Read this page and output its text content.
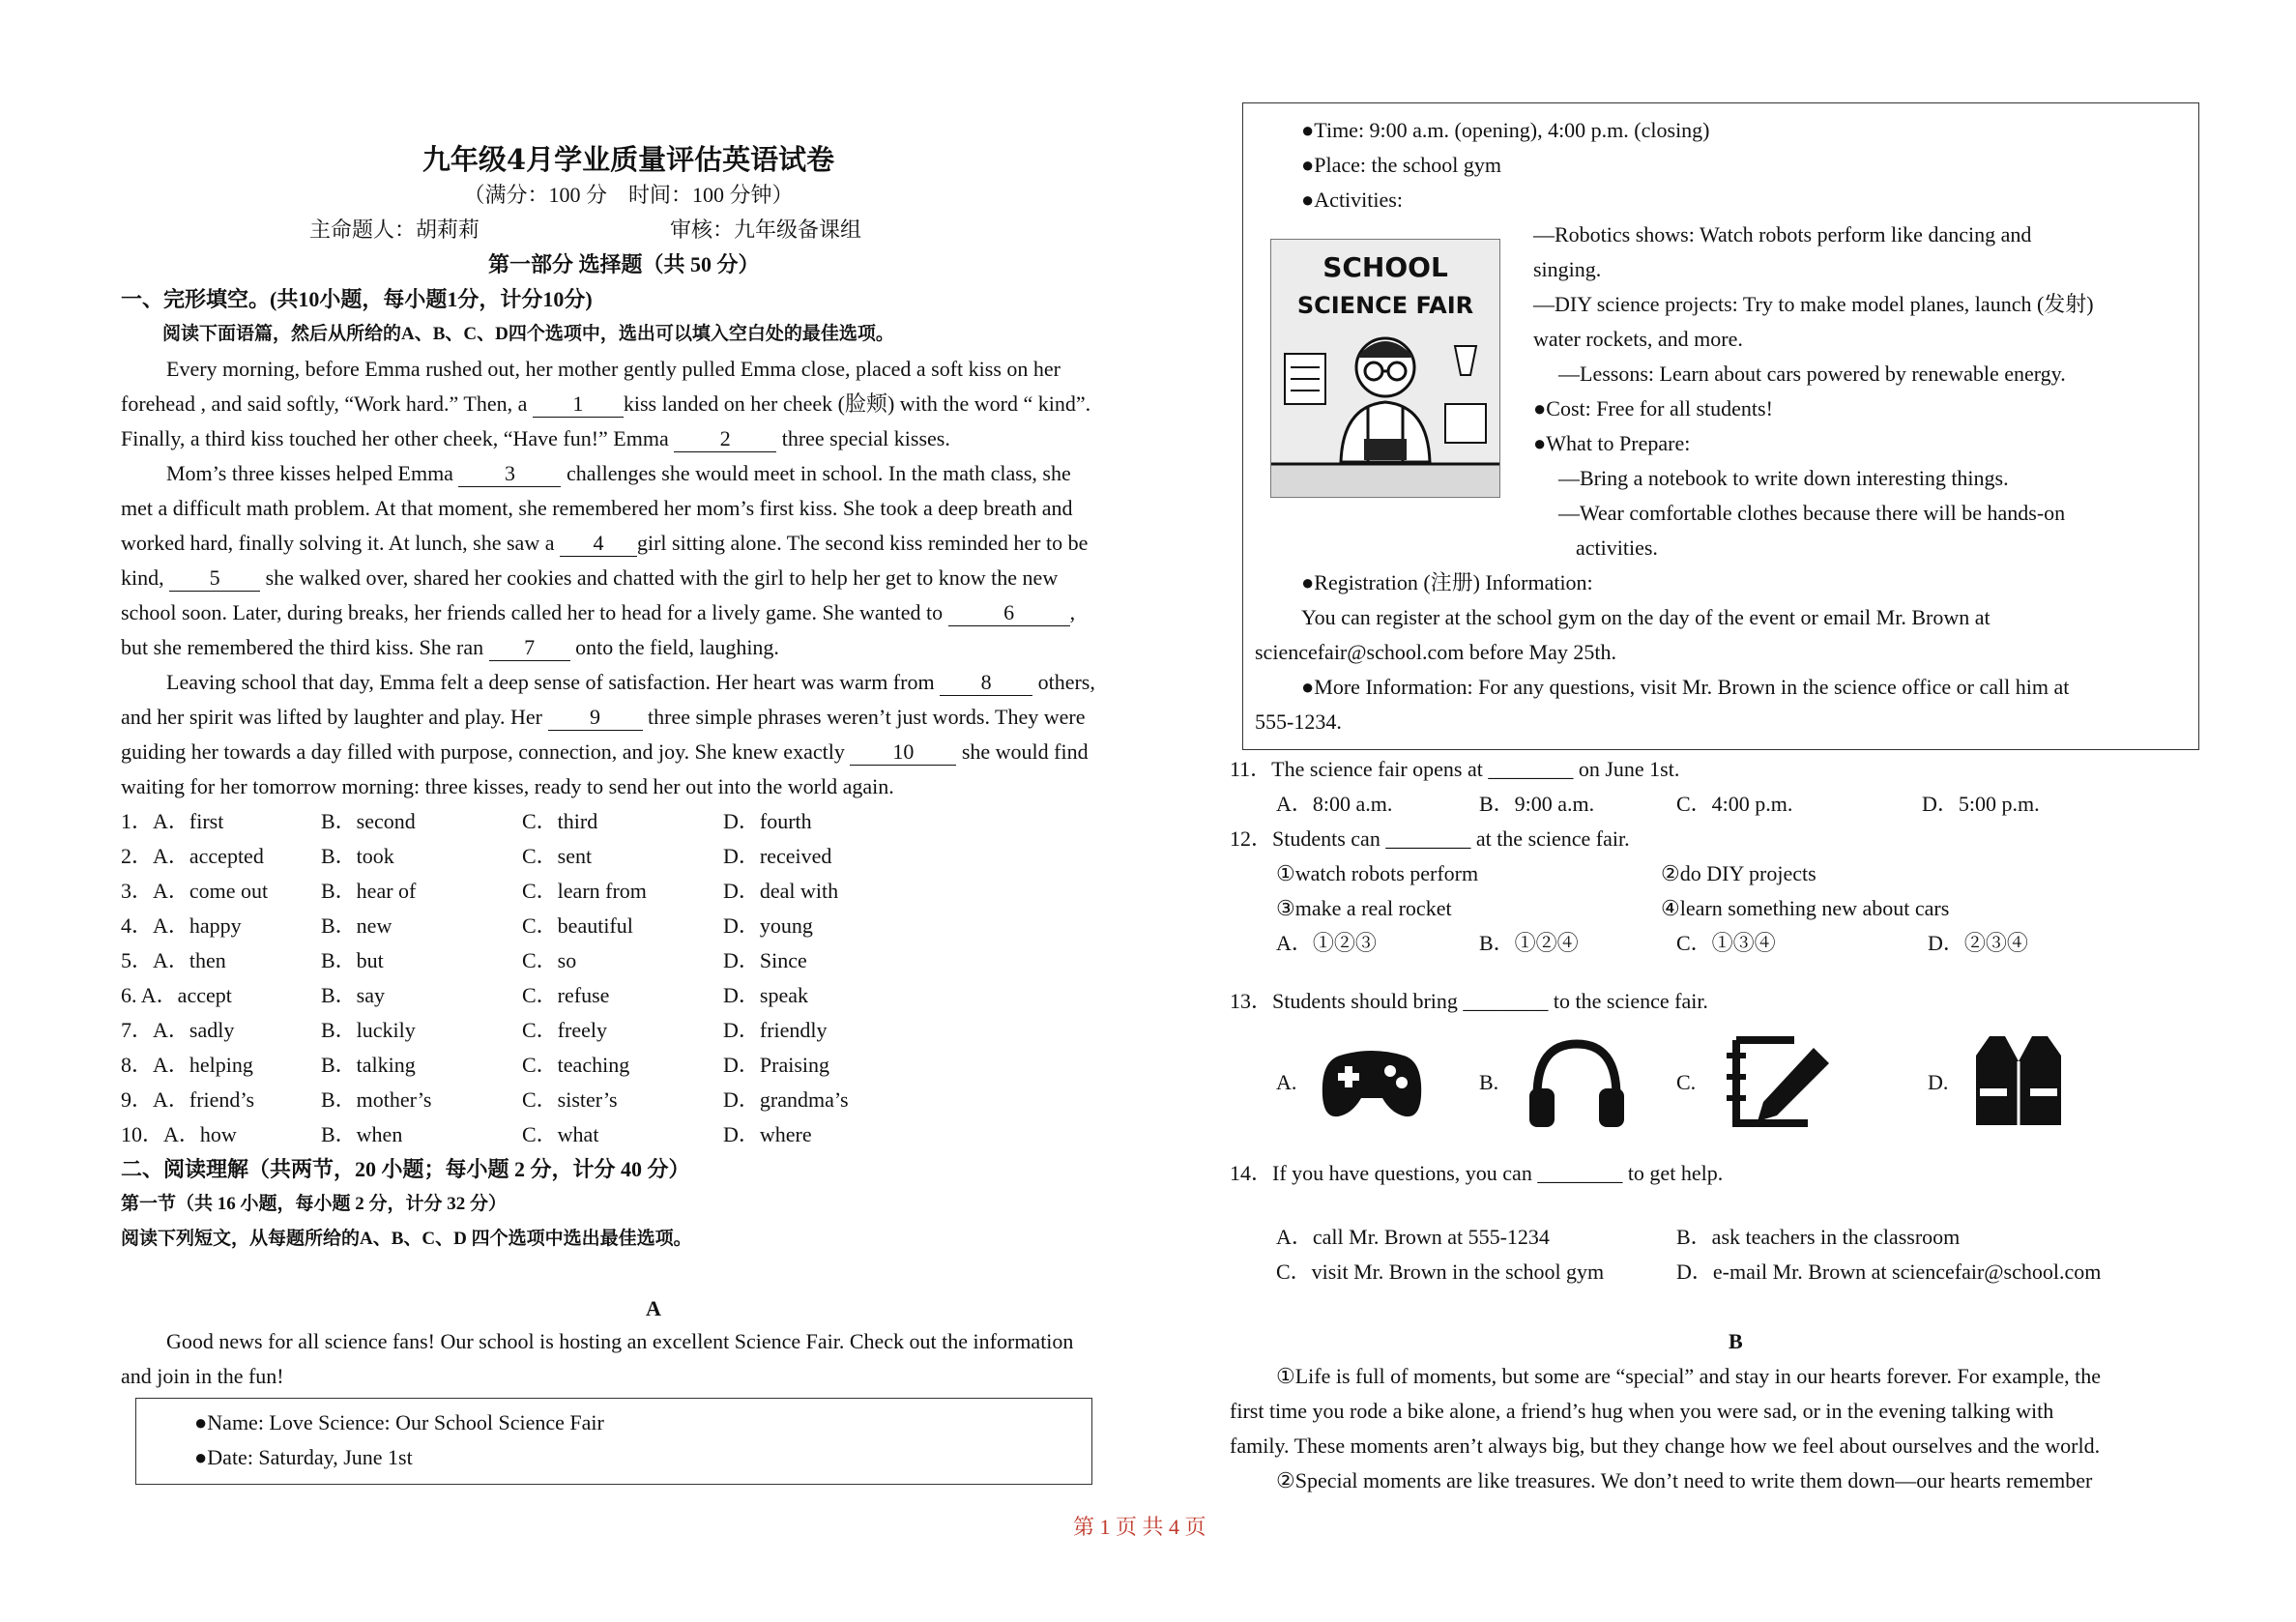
九年级4月学业质量评估英语试卷
（满分：100 分　时间：100 分钟）
主命题人：胡莉莉	审核：九年级备课组
第一部分 选择题（共 50 分）
一、完形填空。(共10小题，每小题1分，计分10分)
阅读下面语篇，然后从所给的A、B、C、D四个选项中，选出可以填入空白处的最佳选项。
Every morning, before Emma rushed out, her mother gently pulled Emma close, placed a soft kiss on her
forehead , and said softly, “Work hard.” Then, a 1 kiss landed on her cheek (脸颊) with the word “ kind”.
Finally, a third kiss touched her other cheek, “Have fun!” Emma 2 three special kisses.
Mom’s three kisses helped Emma 3 challenges she would meet in school. In the math class, she
met a difficult math problem. At that moment, she remembered her mom’s first kiss. She took a deep breath and
worked hard, finally solving it. At lunch, she saw a 4 girl sitting alone. The second kiss reminded her to be
kind, 5 she walked over, shared her cookies and chatted with the girl to help her get to know the new
school soon. Later, during breaks, her friends called her to head for a lively game. She wanted to	6	,
but she remembered the third kiss. She ran 7 onto the field, laughing.
Leaving school that day, Emma felt a deep sense of satisfaction. Her heart was warm from 8 others,
and her spirit was lifted by laughter and play. Her 9 three simple phrases weren’t just words. They were
guiding her towards a day filled with purpose, connection, and joy. She knew exactly 10 she would find
waiting for her tomorrow morning: three kisses, ready to send her out into the world again.
1．A．first	B．second	C．third	D．fourth
2．A．accepted	B．took	C．sent	D．received
3．A．come out B．hear of	C．learn from	D．deal with
4．A．happy	B．new	C．beautiful	D．young
5．A．then	B．but	C．so	D．Since
6. A．accept	B．say	C．refuse	D．speak
7．A．sadly	B．luckily	C．freely	D．friendly
8．A．helping	B．talking	C．teaching	D．Praising
9．A．friend’s	B．mother’s	C．sister’s	D．grandma’s
10．A．how	B．when	C．what	D．where
二、阅读理解（共两节，20 小题；每小题 2 分，计分 40 分）
第一节（共 16 小题，每小题 2 分，计分 32 分）
阅读下列短文，从每题所给的A、B、C、D 四个选项中选出最佳选项。
A
Good news for all science fans! Our school is hosting an excellent Science Fair. Check out the information
and join in the fun!
●Name: Love Science: Our School Science Fair
●Date: Saturday, June 1st
●Time: 9:00 a.m. (opening), 4:00 p.m. (closing)
●Place: the school gym
●Activities:
SCHOOL
SCIENCE FAIR
—Robotics shows: Watch robots perform like dancing and
singing.
—DIY science projects: Try to make model planes, launch (发射)
water rockets, and more.
—Lessons: Learn about cars powered by renewable energy.
●Cost: Free for all students!
●What to Prepare:
—Bring a notebook to write down interesting things.
—Wear comfortable clothes because there will be hands-on
activities.
●Registration (注册) Information:
You can register at the school gym on the day of the event or email Mr. Brown at
sciencefair@school.com before May 25th.
●More Information: For any questions, visit Mr. Brown in the science office or call him at
555-1234.
11．The science fair opens at ________ on June 1st.
A．8:00 a.m.	B．9:00 a.m.	C．4:00 p.m.	D．5:00 p.m.
12．Students can ________ at the science fair.
①watch robots perform	②do DIY projects
③make a real rocket	④learn something new about cars
A．①②③	B．①②④	C．①③④	D．②③④
13．Students should bring ________ to the science fair.
A.	B.	C.	D.
14．If you have questions, you can ________ to get help.
A．call Mr. Brown at 555-1234	B．ask teachers in the classroom
C．visit Mr. Brown in the school gym	D．e-mail Mr. Brown at sciencefair@school.com
B
①Life is full of moments, but some are “special” and stay in our hearts forever. For example, the
first time you rode a bike alone, a friend’s hug when you were sad, or in the evening talking with
family. These moments aren’t always big, but they change how we feel about ourselves and the world.
②Special moments are like treasures. We don’t need to write them down—our hearts remember
第 1 页 共 4 页
